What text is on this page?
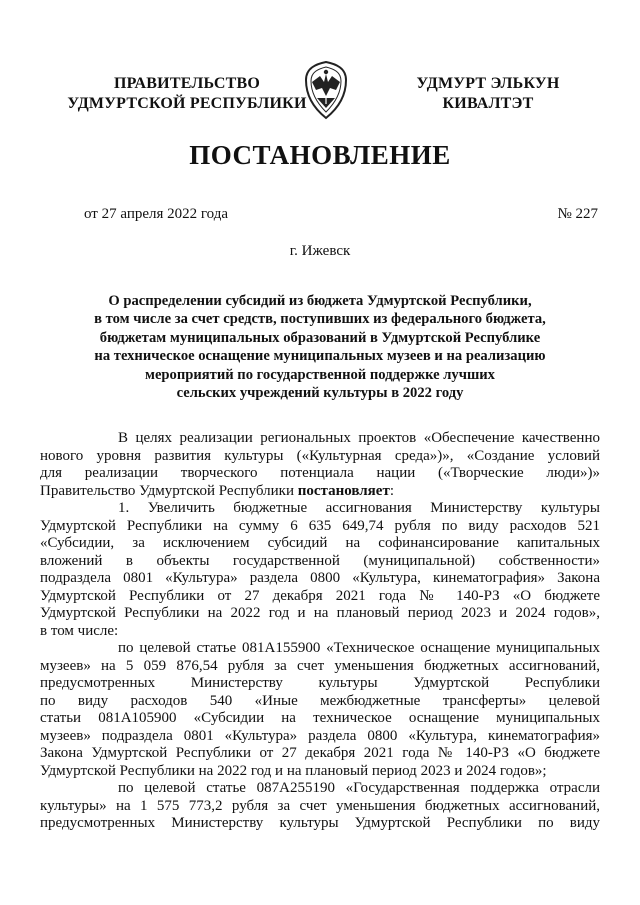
ПРАВИТЕЛЬСТВО
УДМУРТСКОЙ РЕСПУБЛИКИ
УДМУРТ ЭЛЬКУН
КИВАЛТЭТ
ПОСТАНОВЛЕНИЕ
от 27 апреля 2022 года	№ 227
г. Ижевск
О распределении субсидий из бюджета Удмуртской Республики,
в том числе за счет средств, поступивших из федерального бюджета,
бюджетам муниципальных образований в Удмуртской Республике
на техническое оснащение муниципальных музеев и на реализацию
мероприятий по государственной поддержке лучших
сельских учреждений культуры в 2022 году
В целях реализации региональных проектов «Обеспечение качественно
нового уровня развития культуры («Культурная среда»)», «Создание условий
для реализации творческого потенциала нации («Творческие люди»)»
Правительство Удмуртской Республики постановляет:
1. Увеличить бюджетные ассигнования Министерству культуры
Удмуртской Республики на сумму 6 635 649,74 рубля по виду расходов 521
«Субсидии, за исключением субсидий на софинансирование капитальных
вложений в объекты государственной (муниципальной) собственности»
подраздела 0801 «Культура» раздела 0800 «Культура, кинематография» Закона
Удмуртской Республики от 27 декабря 2021 года № 140-РЗ «О бюджете
Удмуртской Республики на 2022 год и на плановый период 2023 и 2024 годов»,
в том числе:
по целевой статье 081A155900 «Техническое оснащение муниципальных
музеев» на 5 059 876,54 рубля за счет уменьшения бюджетных ассигнований,
предусмотренных Министерству культуры Удмуртской Республики
по виду расходов 540 «Иные межбюджетные трансферты» целевой
статьи 081A105900 «Субсидии на техническое оснащение муниципальных
музеев» подраздела 0801 «Культура» раздела 0800 «Культура, кинематография»
Закона Удмуртской Республики от 27 декабря 2021 года № 140-РЗ «О бюджете
Удмуртской Республики на 2022 год и на плановый период 2023 и 2024 годов»;
по целевой статье 087A255190 «Государственная поддержка отрасли
культуры» на 1 575 773,2 рубля за счет уменьшения бюджетных ассигнований,
предусмотренных Министерству культуры Удмуртской Республики по виду
